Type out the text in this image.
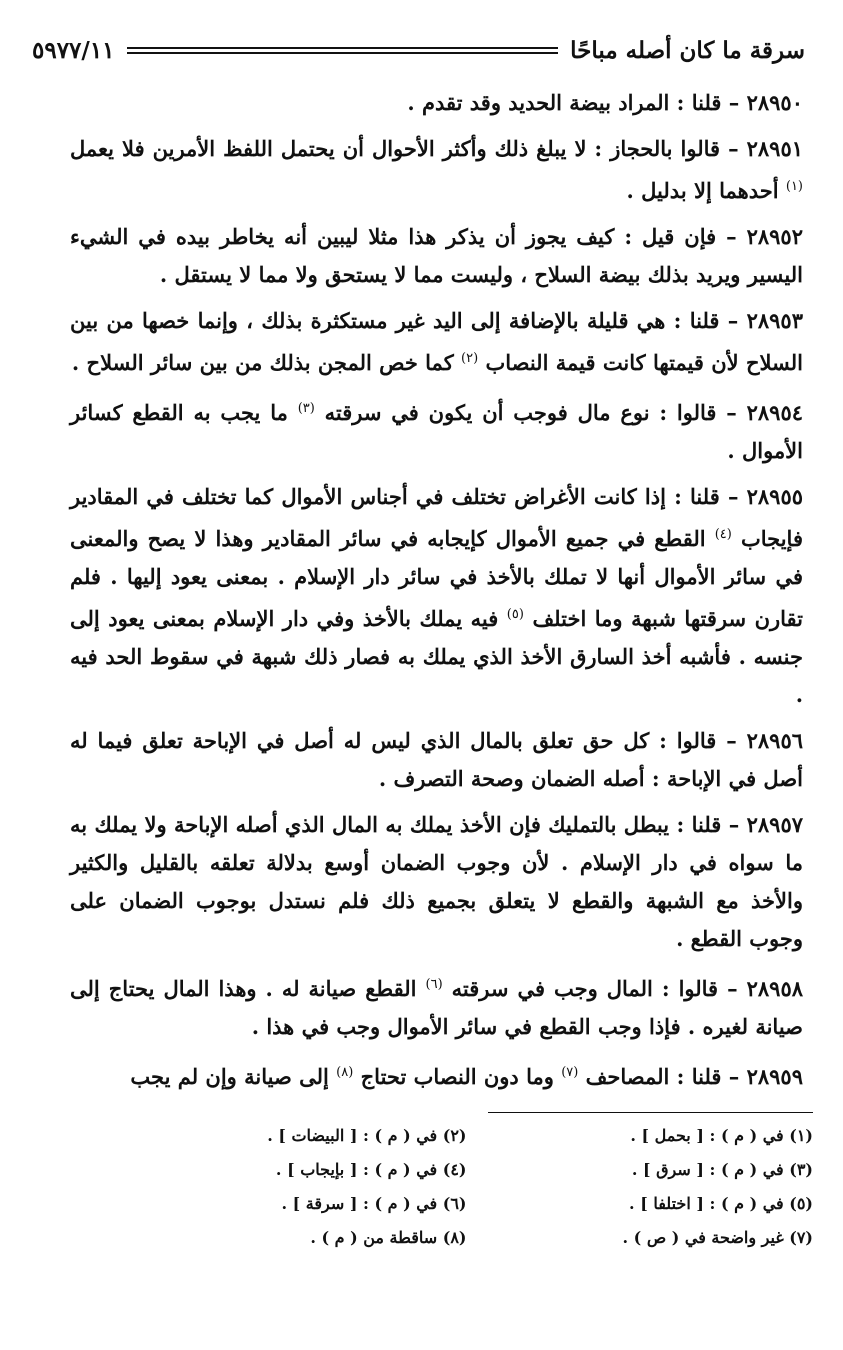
سرقة ما كان أصله مباحًا
٥٩٧٧/١١

٢٨٩٥٠ – قلنا : المراد بيضة الحديد وقد تقدم .

٢٨٩٥١ – قالوا بالحجاز : لا يبلغ ذلك وأكثر الأحوال أن يحتمل اللفظ الأمرين فلا يعمل $^{(١)}$ أحدهما إلا بدليل .

٢٨٩٥٢ – فإن قيل : كيف يجوز أن يذكر هذا مثلا ليبين أنه يخاطر بيده في الشيء اليسير ويريد بذلك بيضة السلاح ، وليست مما لا يستحق ولا مما لا يستقل .

٢٨٩٥٣ – قلنا : هي قليلة بالإضافة إلى اليد غير مستكثرة بذلك ، وإنما خصها من بين السلاح لأن قيمتها كانت قيمة النصاب $^{(٢)}$ كما خص المجن بذلك من بين سائر السلاح .

٢٨٩٥٤ – قالوا : نوع مال فوجب أن يكون في سرقته $^{(٣)}$ ما يجب به القطع كسائر الأموال .

٢٨٩٥٥ – قلنا : إذا كانت الأغراض تختلف في أجناس الأموال كما تختلف في المقادير فإيجاب $^{(٤)}$ القطع في جميع الأموال كإيجابه في سائر المقادير وهذا لا يصح والمعنى في سائر الأموال أنها لا تملك بالأخذ في سائر دار الإسلام . بمعنى يعود إليها . فلم تقارن سرقتها شبهة وما اختلف $^{(٥)}$ فيه يملك بالأخذ وفي دار الإسلام بمعنى يعود إلى جنسه . فأشبه أخذ السارق الأخذ الذي يملك به فصار ذلك شبهة في سقوط الحد فيه .

٢٨٩٥٦ – قالوا : كل حق تعلق بالمال الذي ليس له أصل في الإباحة تعلق فيما له أصل في الإباحة : أصله الضمان وصحة التصرف .

٢٨٩٥٧ – قلنا : يبطل بالتمليك فإن الأخذ يملك به المال الذي أصله الإباحة ولا يملك به ما سواه في دار الإسلام . لأن وجوب الضمان أوسع بدلالة تعلقه بالقليل والكثير والأخذ مع الشبهة والقطع لا يتعلق بجميع ذلك فلم نستدل بوجوب الضمان على وجوب القطع .

٢٨٩٥٨ – قالوا : المال وجب في سرقته $^{(٦)}$ القطع صيانة له . وهذا المال يحتاج إلى صيانة لغيره . فإذا وجب القطع في سائر الأموال وجب في هذا .

٢٨٩٥٩ – قلنا : المصاحف $^{(٧)}$ وما دون النصاب تحتاج $^{(٨)}$ إلى صيانة وإن لم يجب

(١) في ( م ) : [ بحمل ] .
(٢) في ( م ) : [ البيضات ] .
(٣) في ( م ) : [ سرق ] .
(٤) في ( م ) : [ بإيجاب ] .
(٥) في ( م ) : [ اختلفا ] .
(٦) في ( م ) : [ سرقة ] .
(٧) غير واضحة في ( ص ) .
(٨) ساقطة من ( م ) .
